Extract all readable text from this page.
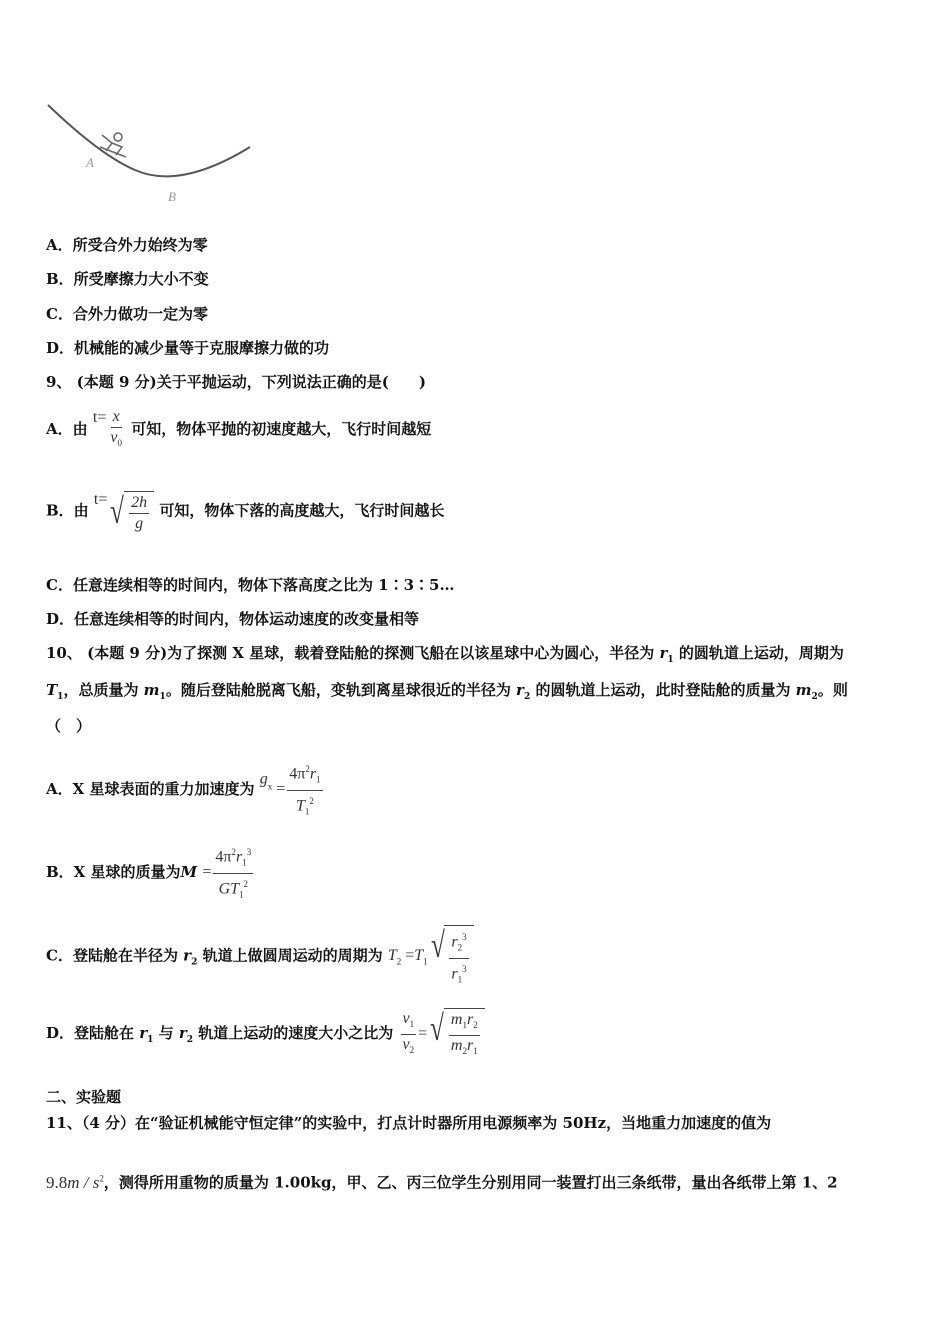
A
B
A．所受合外力始终为零
B．所受摩擦力大小不变
C．合外力做功一定为零
D．机械能的减少量等于克服摩擦力做的功
9、 (本题 9 分)关于平抛运动，下列说法正确的是(　　)
A．由 $t= \frac{x}{v_0}$ 可知，物体平抛的初速度越大，飞行时间越短
B．由 t= √ $\frac{2h}{g}$ 可知，物体下落的高度越大，飞行时间越长
C．任意连续相等的时间内，物体下落高度之比为 1∶3∶5…
D．任意连续相等的时间内，物体运动速度的改变量相等
10、 (本题 9 分)为了探测 X 星球，载着登陆舱的探测飞船在以该星球中心为圆心，半径为 $r_1$ 的圆轨道上运动，周期为
$T_1$，总质量为 $m_1$。随后登陆舱脱离飞船，变轨到离星球很近的半径为 $r_2$ 的圆轨道上运动，此时登陆舱的质量为 $m_2$。则
（　）
A．X 星球表面的重力加速度为 $g_x = \frac{4\pi^2r_1}{T_1^2}$
B．X 星球的质量为$M = \frac{4\pi^2r_1^3}{GT_1^2}$
C．登陆舱在半径为 $r_2$ 轨道上做圆周运动的周期为 $T_2 =T_1$ √ $\frac{r_2^3}{r_1^3}$
D．登陆舱在 $r_1$ 与 $r_2$ 轨道上运动的速度大小之比为 $\frac{v_1}{v_2}$ = √ $\frac{m_1r_2}{m_2r_1}$
二、实验题
11、（4 分）在“验证机械能守恒定律”的实验中，打点计时器所用电源频率为 50Hz，当地重力加速度的值为
$9.8m / s^2$，测得所用重物的质量为 1.00kg，甲、乙、丙三位学生分别用同一装置打出三条纸带，量出各纸带上第 1、2
